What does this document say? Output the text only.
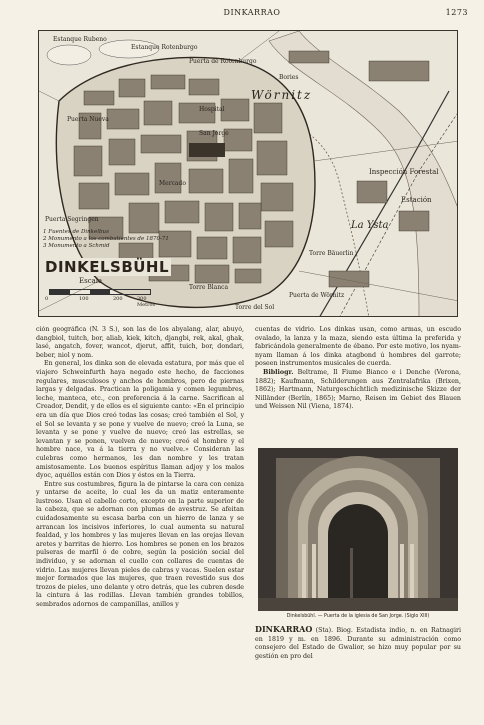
DINKARRAO	1273
Estanque Rubeno
Estanque Rotenburgo
Puerta de Rotenburgo
Bories
Wörnitz
Puerta Nueva
Hospital
Inspección Forestal
Estación
La Ysta
San Jorge
Mercado
Puerta Segringen
Torre Bäuerlin
Torre Blanca
Puerta de Wörnitz
Torre del Sol
1 Fuentes de Dinkelbus
2 Monumento a los combatientes de 1870-71
3 Monumento a Schmid
DINKELSBÜHL
Escala
0	100	200	300 Metros

ción geográfica (N. 3 S.), son las de los abyalang, alar, abuyó, dangbiol, tuitch, bor, aliab, kiek, kitch, djangbi, rek, akal, ghak, lasé, angatch, fover, wancot, djerut, affit, tuich, bor, dondari, beber, niol y nom.

En general, los dinka son de elevada estatura, por más que el viajero Schweinfurth haya negado este hecho, de facciones regulares, musculosos y anchos de hombros, pero de piernas largas y delgadas. Practican la poligamia y comen legumbres, leche, manteca, etc., con preferencia á la carne. Sacrifican al Creador, Dendit, y de ellos es el siguiente canto: «En el principio era un día que Dios creó todas las cosas; creó también el Sol, y el Sol se levanta y se pone y vuelve de nuevo; creó la Luna, se levanta y se pone y vuelve de nuevo; creó las estrellas, se levantan y se ponen, vuelven de nuevo; creó el hombre y el hombre nace, va á la tierra y no vuelve.» Consideran las culebras como hermanos, les dan nombre y les tratan amistosamente. Los buenos espíritus llaman adjoy y los malos dyoc, aquéllos están con Dios y éstos en la Tierra.

Entre sus costumbres, figura la de pintarse la cara con ceniza y untarse de aceite, lo cual les da un matiz enteramente lustroso. Usan el cabello corto, excepto en la parte superior de la cabeza, que se adornan con plumas de avestruz. Se afeitan cuidadosamente su escasa barba con un hierro de lanza y se arrancan los incisivos inferiores, lo cual aumenta su natural fealdad, y los hombres y las mujeres llevan en las orejas llevan aretes y barritas de hierro. Los hombres se ponen en los brazos pulseras de marfil ó de cobre, según la posición social del individuo, y se adornan el cuello con collares de cuentas de vidrio. Las mujeres llevan pieles de cabras y vacas. Suelen estar mejor formados que las mujeres, que traen revestido sus dos trozos de pieles, uno delante y otro detrás, que les cubren desde la cintura á las rodillas. Llevan también grandes tobillos, sembrados adornos de campanillas, anillos y

cuentas de vidrio. Los dinkas usan, como armas, un escudo ovalado, la lanza y la maza, siendo esta última la preferida y fabricándola generalmente de ébano. Por este motivo, los nyam-nyam llaman á los dinka atagbond ú hombres del garrote; poseen instrumentos musicales de cuerda.

Bibliogr. Beltrame, Il Fiume Bianco e i Denche (Verona, 1882); Kaufmann, Schilderungen aus Zentralafrika (Brixen, 1862); Hartmann, Naturgeschichtlich medizinische Skizze der Nilländer (Berlín, 1865); Marno, Reisen im Gebiet des Blauen und Weissen Nil (Viena, 1874).

Dinkelsbühl. — Puerta de la iglesia de San Jorge. (Siglo XIII)

DINKARRAO (Sta). Biog. Estadista indio, n. en Ratnagiri en 1819 y m. en 1896. Durante su administración como consejero del Estado de Gwalior, se hizo muy popular por su gestión en pro del
